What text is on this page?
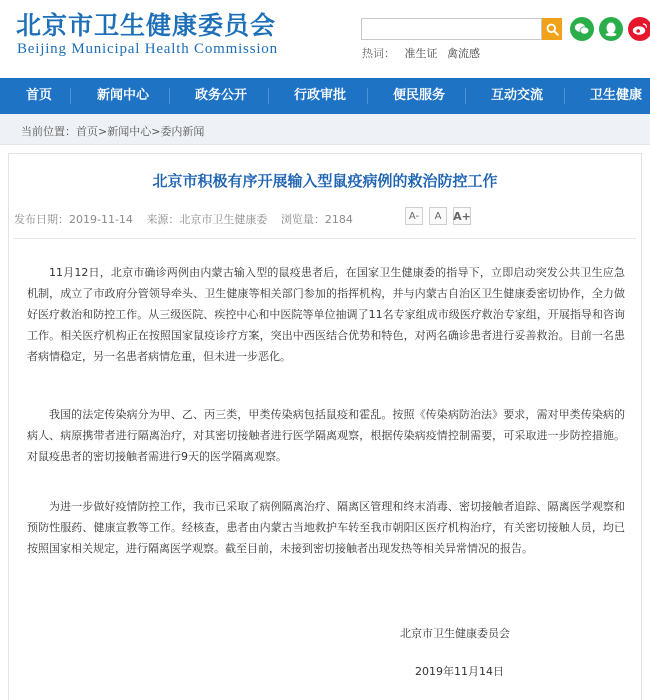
北京市卫生健康委员会
Beijing Municipal Health Commission	热词： 准生证 禽流感
首页	新闻中心	政务公开	行政审批	便民服务	互动交流	卫生健康
当前位置：首页>新闻中心>委内新闻
北京市积极有序开展输入型鼠疫病例的救治防控工作
发布日期：2019-11-14 来源：北京市卫生健康委 浏览量：2184	A-	A	A+

11月12日，北京市确诊两例由内蒙古输入型的鼠疫患者后，在国家卫生健康委的指导下，立即启动突发公共卫生应急机制，成立了市政府分管领导牵头、卫生健康等相关部门参加的指挥机构，并与内蒙古自治区卫生健康委密切协作，全力做好医疗救治和防控工作。从三级医院、疾控中心和中医院等单位抽调了11名专家组成市级医疗救治专家组，开展指导和咨询工作。相关医疗机构正在按照国家鼠疫诊疗方案，突出中西医结合优势和特色，对两名确诊患者进行妥善救治。目前一名患者病情稳定，另一名患者病情危重，但未进一步恶化。

我国的法定传染病分为甲、乙、丙三类，甲类传染病包括鼠疫和霍乱。按照《传染病防治法》要求，需对甲类传染病的病人、病原携带者进行隔离治疗，对其密切接触者进行医学隔离观察，根据传染病疫情控制需要，可采取进一步防控措施。对鼠疫患者的密切接触者需进行9天的医学隔离观察。

为进一步做好疫情防控工作，我市已采取了病例隔离治疗、隔离区管理和终末消毒、密切接触者追踪、隔离医学观察和预防性服药、健康宣教等工作。经核查，患者由内蒙古当地救护车转至我市朝阳区医疗机构治疗，有关密切接触人员，均已按照国家相关规定，进行隔离医学观察。截至目前，未接到密切接触者出现发热等相关异常情况的报告。

北京市卫生健康委员会
2019年11月14日
